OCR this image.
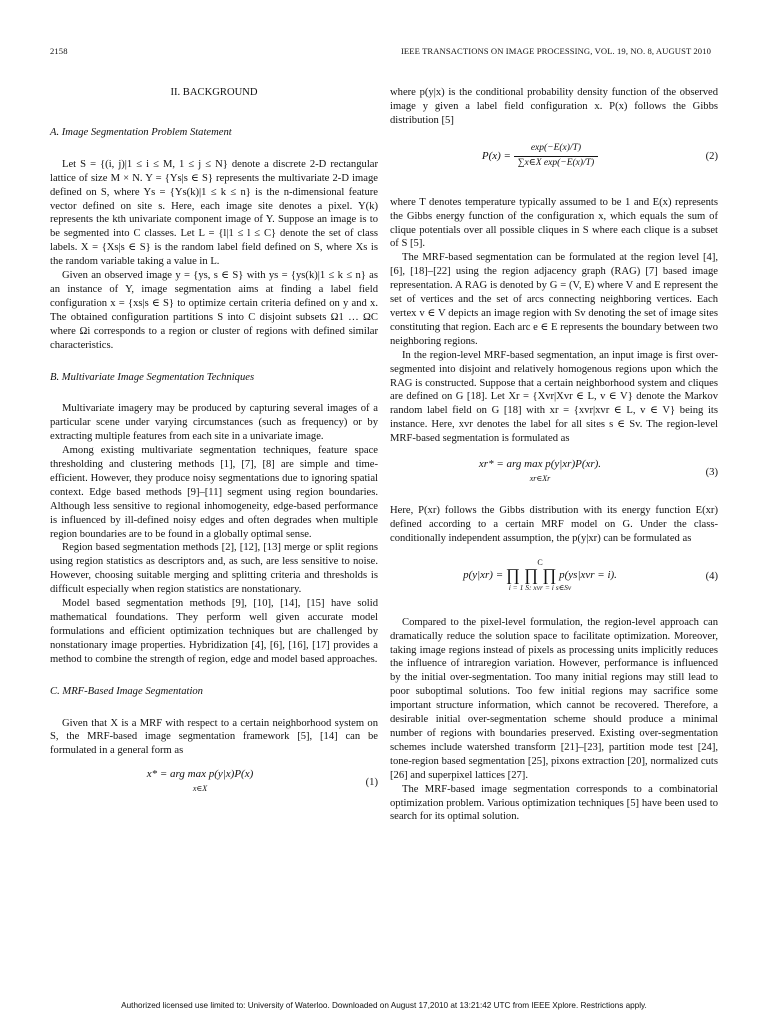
2158	IEEE TRANSACTIONS ON IMAGE PROCESSING, VOL. 19, NO. 8, AUGUST 2010
II. BACKGROUND
A. Image Segmentation Problem Statement

Let S = {(i, j)|1 ≤ i ≤ M, 1 ≤ j ≤ N} denote a discrete 2-D rectangular lattice of size M × N. Y = {Ys|s ∈ S} represents the multivariate 2-D image defined on S, where Ys = {Ys(k)|1 ≤ k ≤ n} is the n-dimensional feature vector defined on site s. Here, each image site denotes a pixel. Y(k) represents the kth univariate component image of Y. Suppose an image is to be segmented into C classes. Let L = {l|1 ≤ l ≤ C} denote the set of class labels. X = {Xs|s ∈ S} is the random label field defined on S, where Xs is the random variable taking a value in L.

Given an observed image y = {ys, s ∈ S} with ys = {ys(k)|1 ≤ k ≤ n} as an instance of Y, image segmentation aims at finding a label field configuration x = {xs|s ∈ S} to optimize certain criteria defined on y and x. The obtained configuration partitions S into C disjoint subsets Ω1 … ΩC where Ωi corresponds to a region or cluster of regions with defined similar characteristics.

B. Multivariate Image Segmentation Techniques

Multivariate imagery may be produced by capturing several images of a particular scene under varying circumstances (such as frequency) or by extracting multiple features from each site in a univariate image.

Among existing multivariate segmentation techniques, feature space thresholding and clustering methods [1], [7], [8] are simple and time-efficient. However, they produce noisy segmentations due to ignoring spatial context. Edge based methods [9]–[11] segment using region boundaries. Although less sensitive to regional inhomogeneity, edge-based performance is influenced by ill-defined noisy edges and often degrades when multiple region boundaries are to be found in a globally optimal sense.

Region based segmentation methods [2], [12], [13] merge or split regions using region statistics as descriptors and, as such, are less sensitive to noise. However, choosing suitable merging and splitting criteria and thresholds is difficult especially when region statistics are nonstationary.

Model based segmentation methods [9], [10], [14], [15] have solid mathematical foundations. They perform well given accurate model formulations and efficient optimization techniques but are challenged by nonstationary image properties. Hybridization [4], [6], [16], [17] provides a method to combine the strength of region, edge and model based approaches.

C. MRF-Based Image Segmentation

Given that X is a MRF with respect to a certain neighborhood system on S, the MRF-based image segmentation framework [5], [14] can be formulated in a general form as

x* = arg max p(y|x)P(x)
x∈X
(1)

where p(y|x) is the conditional probability density function of the observed image y given a label field configuration x. P(x) follows the Gibbs distribution [5]

$P(x) = \frac{\exp(-E(x)/T)}{\text{∑x∈X exp(−E(x)/T)}}$	(2)

where T denotes temperature typically assumed to be 1 and E(x) represents the Gibbs energy function of the configuration x, which equals the sum of clique potentials over all possible cliques in S where each clique is a subset of S [5].

The MRF-based segmentation can be formulated at the region level [4], [6], [18]–[22] using the region adjacency graph (RAG) [7] based image representation. A RAG is denoted by G = (V, E) where V and E represent the set of vertices and the set of arcs connecting neighboring vertices. Each vertex v ∈ V depicts an image region with Sv denoting the set of image sites constituting that region. Each arc e ∈ E represents the boundary between two neighboring regions.

In the region-level MRF-based segmentation, an input image is first over-segmented into disjoint and relatively homogenous regions upon which the RAG is constructed. Suppose that a certain neighborhood system and cliques are defined on G [18]. Let Xr = {Xvr|Xvr ∈ L, v ∈ V} denote the Markov random label field on G [18] with xr = {xvr|xvr ∈ L, v ∈ V} being its instance. Here, xvr denotes the label for all sites s ∈ Sv. The region-level MRF-based segmentation is formulated as

xr* = arg max p(y|xr)P(xr).
xr∈Xr
(3)

Here, P(xr) follows the Gibbs distribution with its energy function E(xr) defined according to a certain MRF model on G. Under the class-conditionally independent assumption, the p(y|xr) can be formulated as

C
p(y|xr) = ∏ ∏ ∏ p(ys|xvr = i).
i = 1 S: xvr = i s∈Sv
(4)

Compared to the pixel-level formulation, the region-level approach can dramatically reduce the solution space to facilitate optimization. Moreover, taking image regions instead of pixels as processing units implicitly reduces the influence of intraregion variation. However, performance is influenced by the initial over-segmentation. Too many initial regions may still lead to poor suboptimal solutions. Too few initial regions may sacrifice some important structure information, which cannot be recovered. Therefore, a desirable initial over-segmentation scheme should produce a minimal number of regions with boundaries preserved. Existing over-segmentation schemes include watershed transform [21]–[23], partition mode test [24], tone-region based segmentation [25], pixons extraction [20], normalized cuts [26] and superpixel lattices [27].

The MRF-based image segmentation corresponds to a combinatorial optimization problem. Various optimization techniques [5] have been used to search for its optimal solution.

Authorized licensed use limited to: University of Waterloo. Downloaded on August 17,2010 at 13:21:42 UTC from IEEE Xplore. Restrictions apply.
